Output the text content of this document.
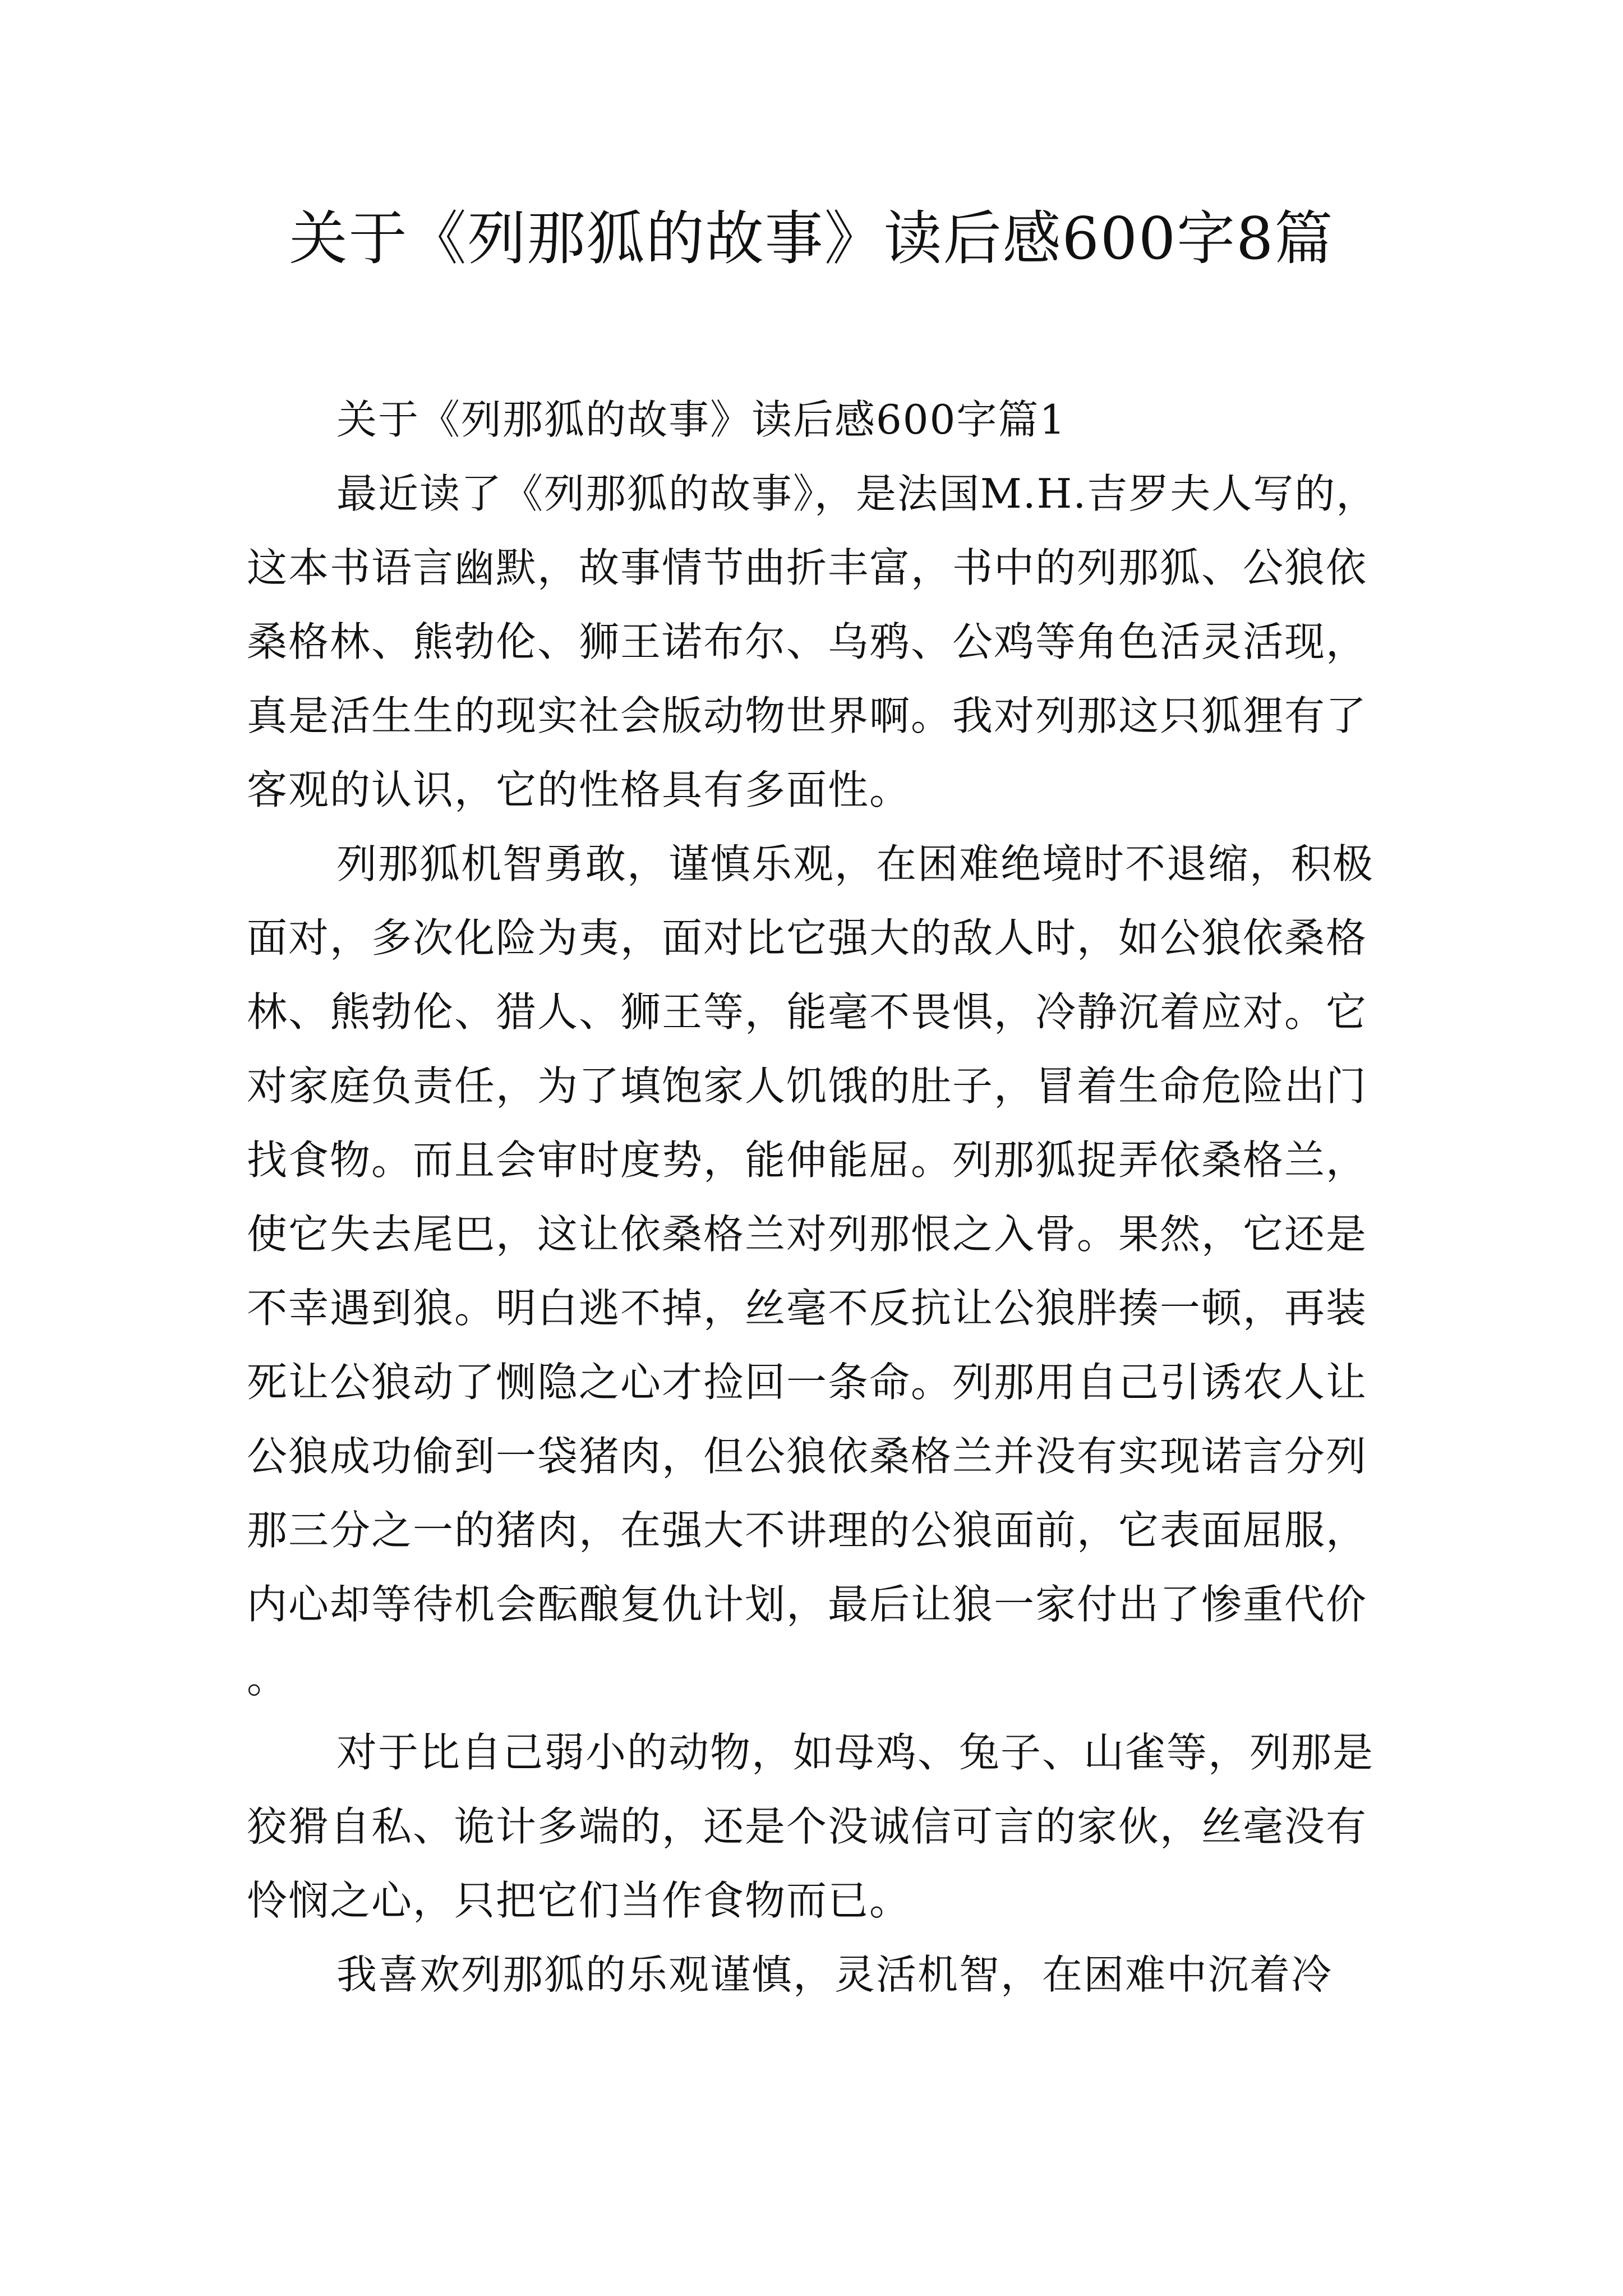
关于《列那狐的故事》读后感600字8篇

关于《列那狐的故事》读后感600字篇1

最近读了《列那狐的故事》，是法国M.H.吉罗夫人写的，这本书语言幽默，故事情节曲折丰富，书中的列那狐、公狼依桑格林、熊勃伦、狮王诺布尔、乌鸦、公鸡等角色活灵活现，真是活生生的现实社会版动物世界啊。我对列那这只狐狸有了客观的认识，它的性格具有多面性。

列那狐机智勇敢，谨慎乐观，在困难绝境时不退缩，积极面对，多次化险为夷，面对比它强大的敌人时，如公狼依桑格林、熊勃伦、猎人、狮王等，能毫不畏惧，冷静沉着应对。它对家庭负责任，为了填饱家人饥饿的肚子，冒着生命危险出门找食物。而且会审时度势，能伸能屈。列那狐捉弄依桑格兰，使它失去尾巴，这让依桑格兰对列那恨之入骨。果然，它还是不幸遇到狼。明白逃不掉，丝毫不反抗让公狼胖揍一顿，再装死让公狼动了恻隐之心才捡回一条命。列那用自己引诱农人让公狼成功偷到一袋猪肉，但公狼依桑格兰并没有实现诺言分列那三分之一的猪肉，在强大不讲理的公狼面前，它表面屈服，内心却等待机会酝酿复仇计划，最后让狼一家付出了惨重代价。

对于比自己弱小的动物，如母鸡、兔子、山雀等，列那是狡猾自私、诡计多端的，还是个没诚信可言的家伙，丝毫没有怜悯之心，只把它们当作食物而已。

我喜欢列那狐的乐观谨慎，灵活机智，在困难中沉着冷
